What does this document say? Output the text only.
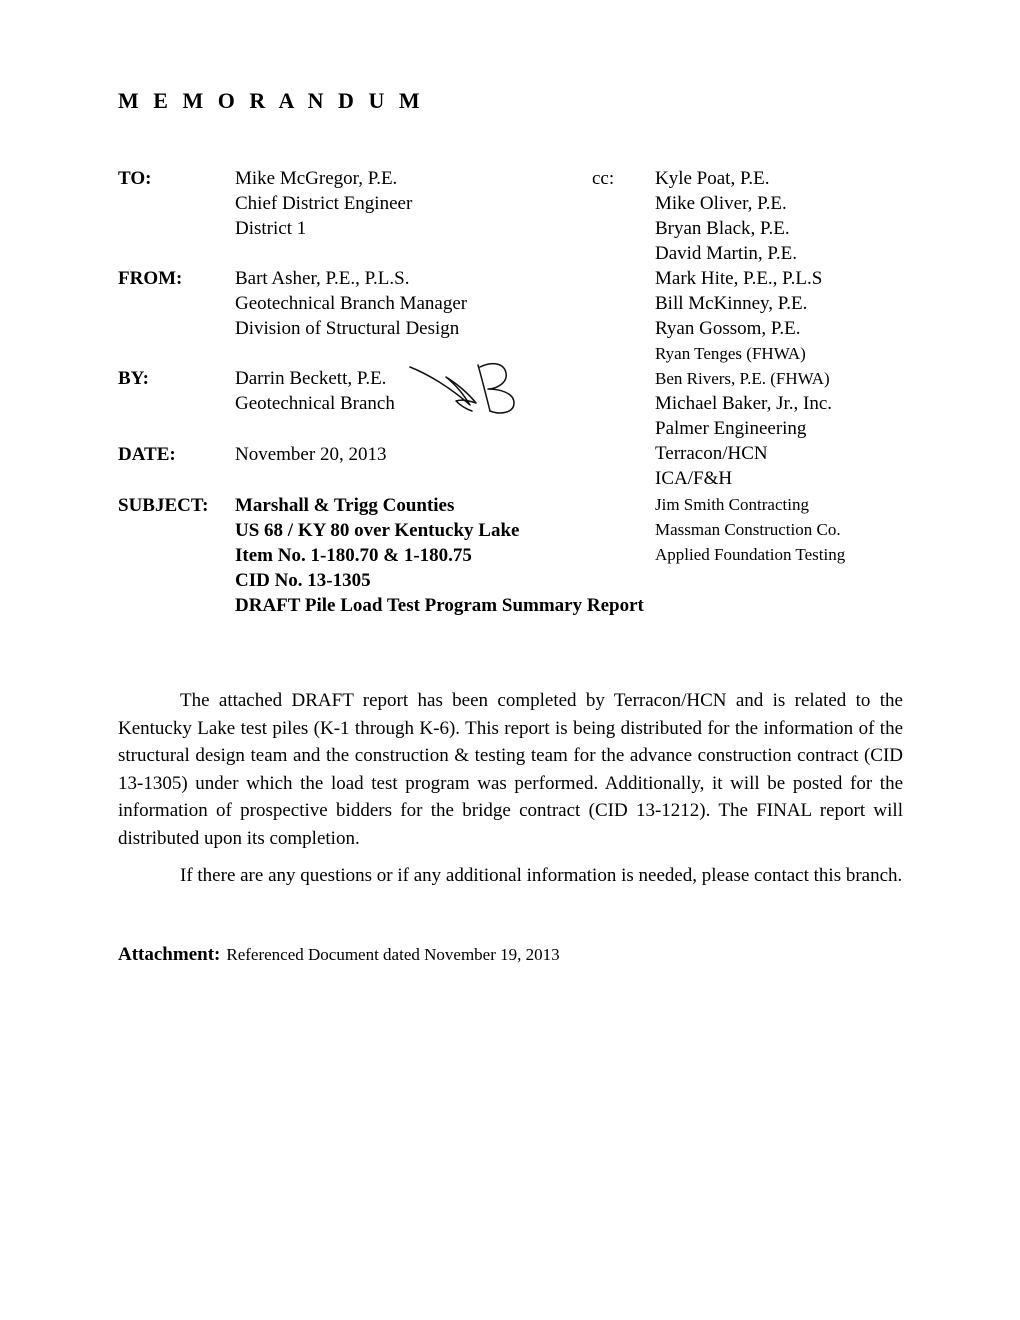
M E M O R A N D U M
TO:	Mike McGregor, P.E.
Chief District Engineer
District 1
FROM:	Bart Asher, P.E., P.L.S.
Geotechnical Branch Manager
Division of Structural Design
BY:	Darrin Beckett, P.E.
Geotechnical Branch
DATE:	November 20, 2013
SUBJECT: Marshall & Trigg Counties
US 68 / KY 80 over Kentucky Lake
Item No. 1-180.70 & 1-180.75
CID No. 13-1305
DRAFT Pile Load Test Program Summary Report
cc: Kyle Poat, P.E.
Mike Oliver, P.E.
Bryan Black, P.E.
David Martin, P.E.
Mark Hite, P.E., P.L.S
Bill McKinney, P.E.
Ryan Gossom, P.E.
Ryan Tenges (FHWA)
Ben Rivers, P.E. (FHWA)
Michael Baker, Jr., Inc.
Palmer Engineering
Terracon/HCN
ICA/F&H
Jim Smith Contracting
Massman Construction Co.
Applied Foundation Testing

The attached DRAFT report has been completed by Terracon/HCN and is related to the Kentucky Lake test piles (K-1 through K-6). This report is being distributed for the information of the structural design team and the construction & testing team for the advance construction contract (CID 13-1305) under which the load test program was performed. Additionally, it will be posted for the information of prospective bidders for the bridge contract (CID 13-1212). The FINAL report will distributed upon its completion.

If there are any questions or if any additional information is needed, please contact this branch.

Attachment: Referenced Document dated November 19, 2013
